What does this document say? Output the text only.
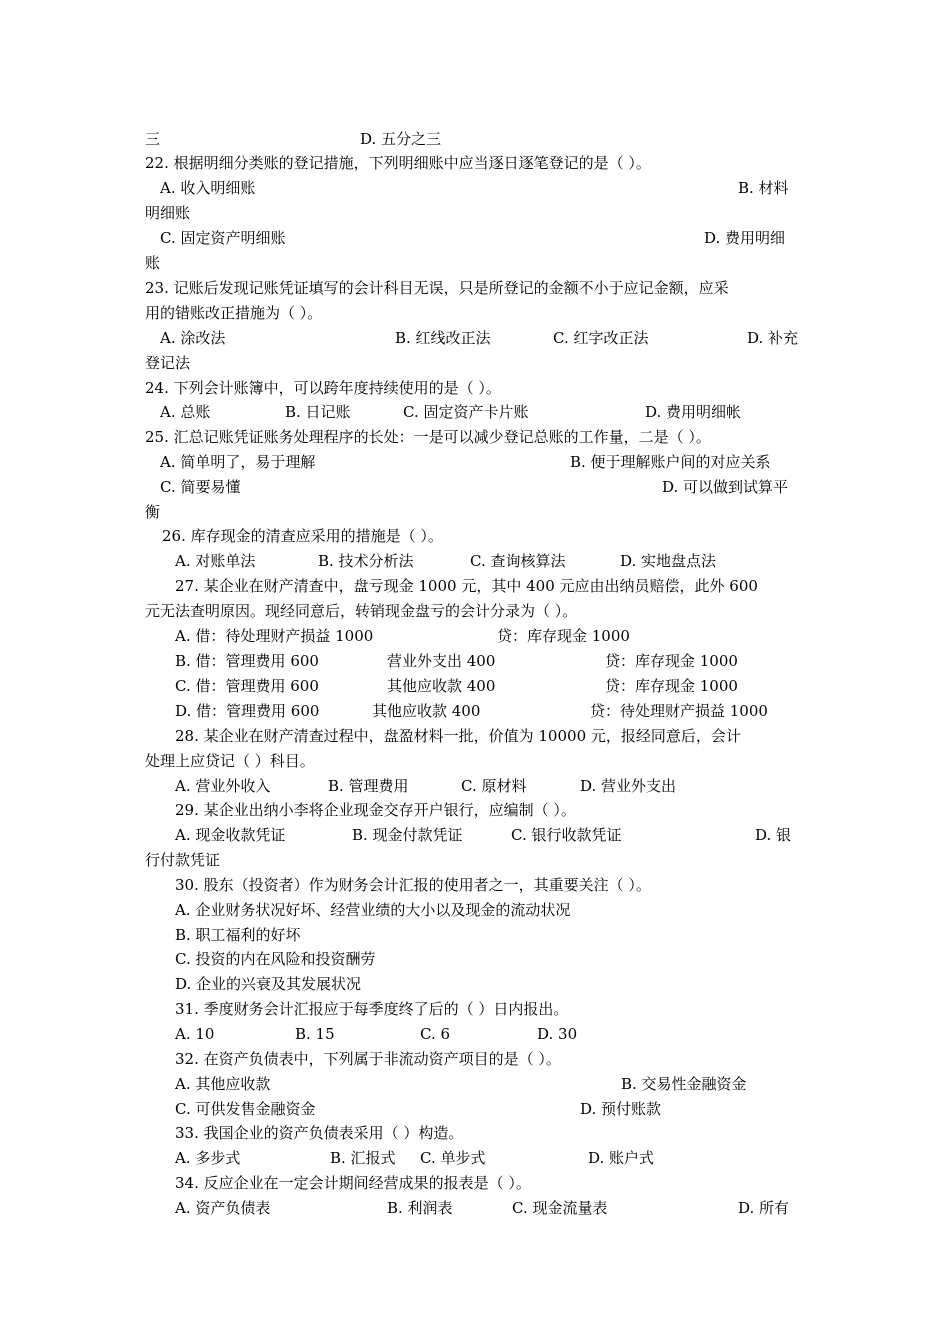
三	D. 五分之三
22. 根据明细分类账的登记措施，下列明细账中应当逐日逐笔登记的是（ ）。
A. 收入明细账	B. 材料
明细账
C. 固定资产明细账	D. 费用明细
账
23. 记账后发现记账凭证填写的会计科目无误，只是所登记的金额不小于应记金额，应采
用的错账改正措施为（ ）。
A. 涂改法	B. 红线改正法	C. 红字改正法	D. 补充
登记法
24. 下列会计账簿中，可以跨年度持续使用的是（ ）。
A. 总账	B. 日记账	C. 固定资产卡片账	D. 费用明细帐
25. 汇总记账凭证账务处理程序的长处：一是可以减少登记总账的工作量，二是（ ）。
A. 简单明了，易于理解	B. 便于理解账户间的对应关系
C. 简要易懂	D. 可以做到试算平
衡
26. 库存现金的清查应采用的措施是（ ）。
A. 对账单法	B. 技术分析法	C. 查询核算法	D. 实地盘点法
27. 某企业在财产清查中，盘亏现金 1000 元，其中 400 元应由出纳员赔偿，此外 600
元无法查明原因。现经同意后，转销现金盘亏的会计分录为（ ）。
A. 借：待处理财产损益 1000	贷：库存现金 1000
B. 借：管理费用 600	营业外支出 400	贷：库存现金 1000
C. 借：管理费用 600	其他应收款 400	贷：库存现金 1000
D. 借：管理费用 600	其他应收款 400	贷：待处理财产损益 1000
28. 某企业在财产清查过程中，盘盈材料一批，价值为 10000 元，报经同意后，会计
处理上应贷记（ ）科目。
A. 营业外收入	B. 管理费用	C. 原材料	D. 营业外支出
29. 某企业出纳小李将企业现金交存开户银行，应编制（ ）。
A. 现金收款凭证	B. 现金付款凭证	C. 银行收款凭证	D. 银
行付款凭证
30. 股东（投资者）作为财务会计汇报的使用者之一，其重要关注（ ）。
A. 企业财务状况好坏、经营业绩的大小以及现金的流动状况
B. 职工福利的好坏
C. 投资的内在风险和投资酬劳
D. 企业的兴衰及其发展状况
31. 季度财务会计汇报应于每季度终了后的（ ）日内报出。
A. 10	B. 15	C. 6	D. 30
32. 在资产负债表中，下列属于非流动资产项目的是（ ）。
A. 其他应收款	B. 交易性金融资金
C. 可供发售金融资金	D. 预付账款
33. 我国企业的资产负债表采用（ ）构造。
A. 多步式	B. 汇报式 C. 单步式	D. 账户式
34. 反应企业在一定会计期间经营成果的报表是（ ）。
A. 资产负债表	B. 利润表	C. 现金流量表	D. 所有
